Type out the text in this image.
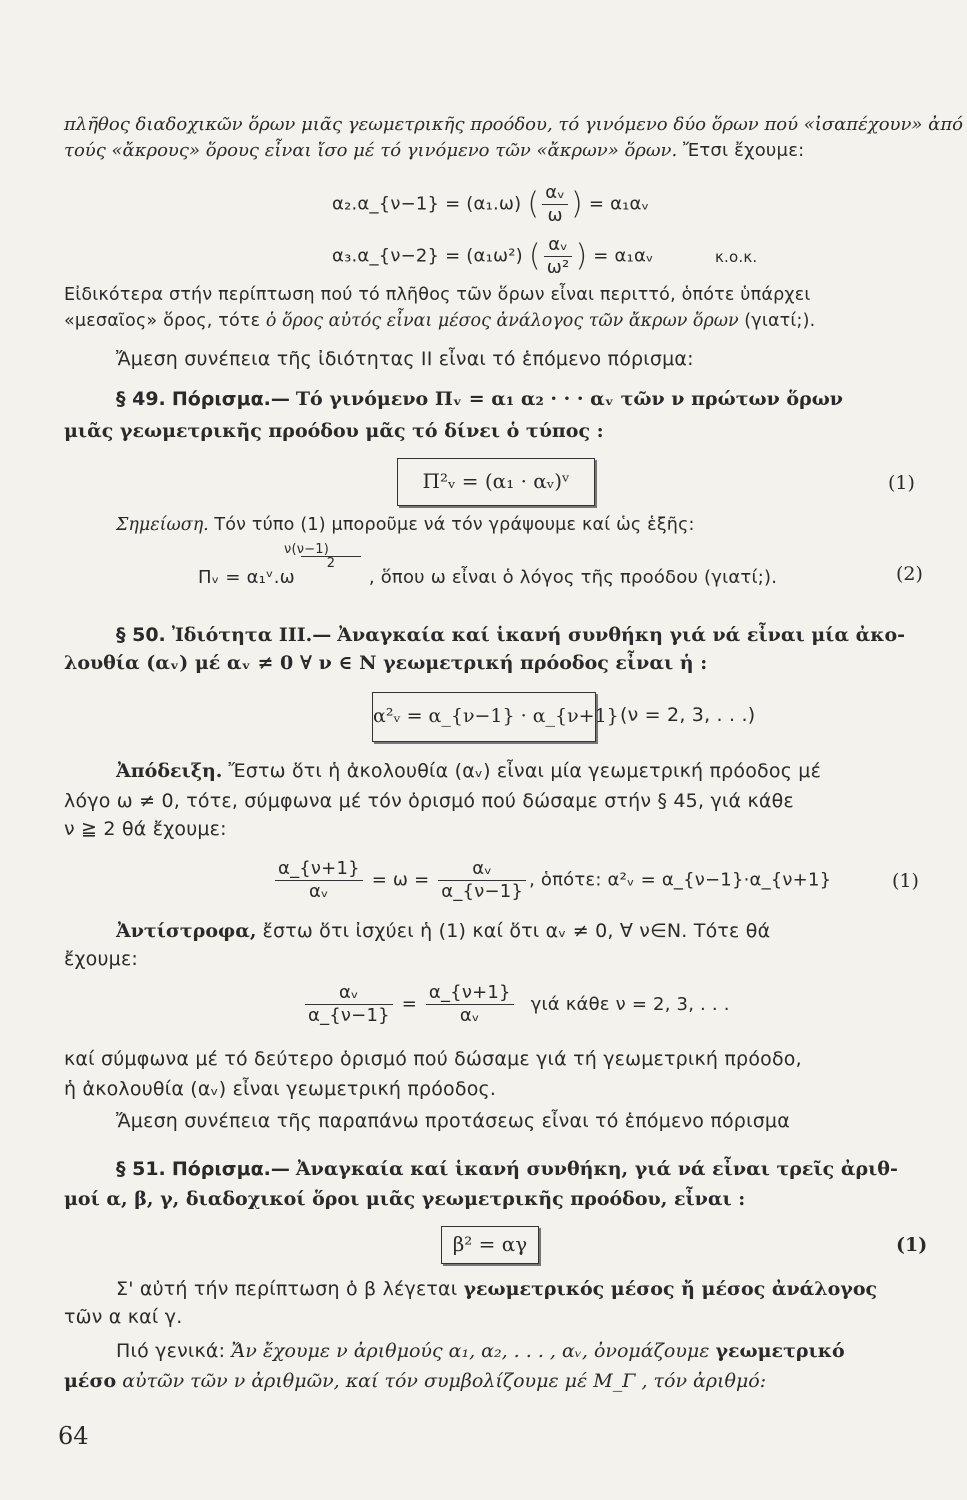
πλῆθος διαδοχικῶν ὅρων μιᾶς γεωμετρικῆς προόδου, τό γινόμενο δύο ὅρων πού «ἰσαπέχουν» ἀπό
τούς «ἄκρους» ὅρους εἶναι ἴσο μέ τό γινόμενο τῶν «ἄκρων» ὅρων. Ἔτσι ἔχουμε:
α₂.α_{ν−1} = (α₁.ω) ( $\frac{\text{αᵥ}}{\omega}$ ) = α₁αᵥ
α₃.α_{ν−2} = (α₁ω²) ( $\frac{\text{αᵥ}}{\text{ω²}}$ ) = α₁αᵥ	κ.ο.κ.
Εἰδικότερα στήν περίπτωση πού τό πλῆθος τῶν ὅρων εἶναι περιττό, ὁπότε ὑπάρχει
«μεσαῖος» ὅρος, τότε ὁ ὅρος αὐτός εἶναι μέσος ἀνάλογος τῶν ἄκρων ὅρων (γιατί;).
Ἄμεση συνέπεια τῆς ἰδιότητας ΙΙ εἶναι τό ἑπόμενο πόρισμα:
§ 49. Πόρισμα.— Τό γινόμενο Πᵥ = α₁ α₂ · · · αᵥ τῶν ν πρώτων ὅρων
μιᾶς γεωμετρικῆς προόδου μᾶς τό δίνει ὁ τύπος :
Π²ᵥ = (α₁ · αᵥ)ᵛ	(1)
Σημείωση. Τόν τύπο (1) μποροῦμε νά τόν γράψουμε καί ὡς ἑξῆς:
ν(ν−1)
2
Πᵥ = α₁ᵛ.ω	, ὅπου ω εἶναι ὁ λόγος τῆς προόδου (γιατί;).	(2)
§ 50. Ἰδιότητα ΙΙΙ.— Ἀναγκαία καί ἱκανή συνθήκη γιά νά εἶναι μία ἀκο-
λουθία (αᵥ) μέ αᵥ ≠ 0 ∀ ν ∈ N γεωμετρική πρόοδος εἶναι ἡ :
α²ᵥ = α_{ν−1} · α_{ν+1} (ν = 2, 3, . . .)
Ἀπόδειξη. Ἔστω ὅτι ἡ ἀκολουθία (αᵥ) εἶναι μία γεωμετρική πρόοδος μέ
λόγο ω ≠ 0, τότε, σύμφωνα μέ τόν ὁρισμό πού δώσαμε στήν § 45, γιά κάθε
ν ≧ 2 θά ἔχουμε:
$\frac{\alpha\_\{\nu+1\}}{\text{αᵥ}} = \omega = \frac{\text{αᵥ}}{\alpha\_\{\nu-1\}}$ , ὁπότε: α²ᵥ = α_{ν−1}·α_{ν+1}	(1)
Ἀντίστροφα, ἔστω ὅτι ἰσχύει ἡ (1) καί ὅτι αᵥ ≠ 0, ∀ ν∈N. Τότε θά
ἔχουμε:
$\frac{\text{αᵥ}}{\alpha\_\{\nu-1\}} = \frac{\alpha\_\{\nu+1\}}{\text{αᵥ}}$ γιά κάθε ν = 2, 3, . . .
καί σύμφωνα μέ τό δεύτερο ὁρισμό πού δώσαμε γιά τή γεωμετρική πρόοδο,
ἡ ἀκολουθία (αᵥ) εἶναι γεωμετρική πρόοδος.
Ἄμεση συνέπεια τῆς παραπάνω προτάσεως εἶναι τό ἑπόμενο πόρισμα
§ 51. Πόρισμα.— Ἀναγκαία καί ἱκανή συνθήκη, γιά νά εἶναι τρεῖς ἀριθ-
μοί α, β, γ, διαδοχικοί ὅροι μιᾶς γεωμετρικῆς προόδου, εἶναι :
β² = αγ	(1)
Σ' αὐτή τήν περίπτωση ὁ β λέγεται γεωμετρικός μέσος ἤ μέσος ἀνάλογος
τῶν α καί γ.
Πιό γενικά: Ἄν ἔχουμε ν ἀριθμούς α₁, α₂, . . . , αᵥ, ὀνομάζουμε γεωμετρικό
μέσο αὐτῶν τῶν ν ἀριθμῶν, καί τόν συμβολίζουμε μέ M_Γ , τόν ἀριθμό:
64
